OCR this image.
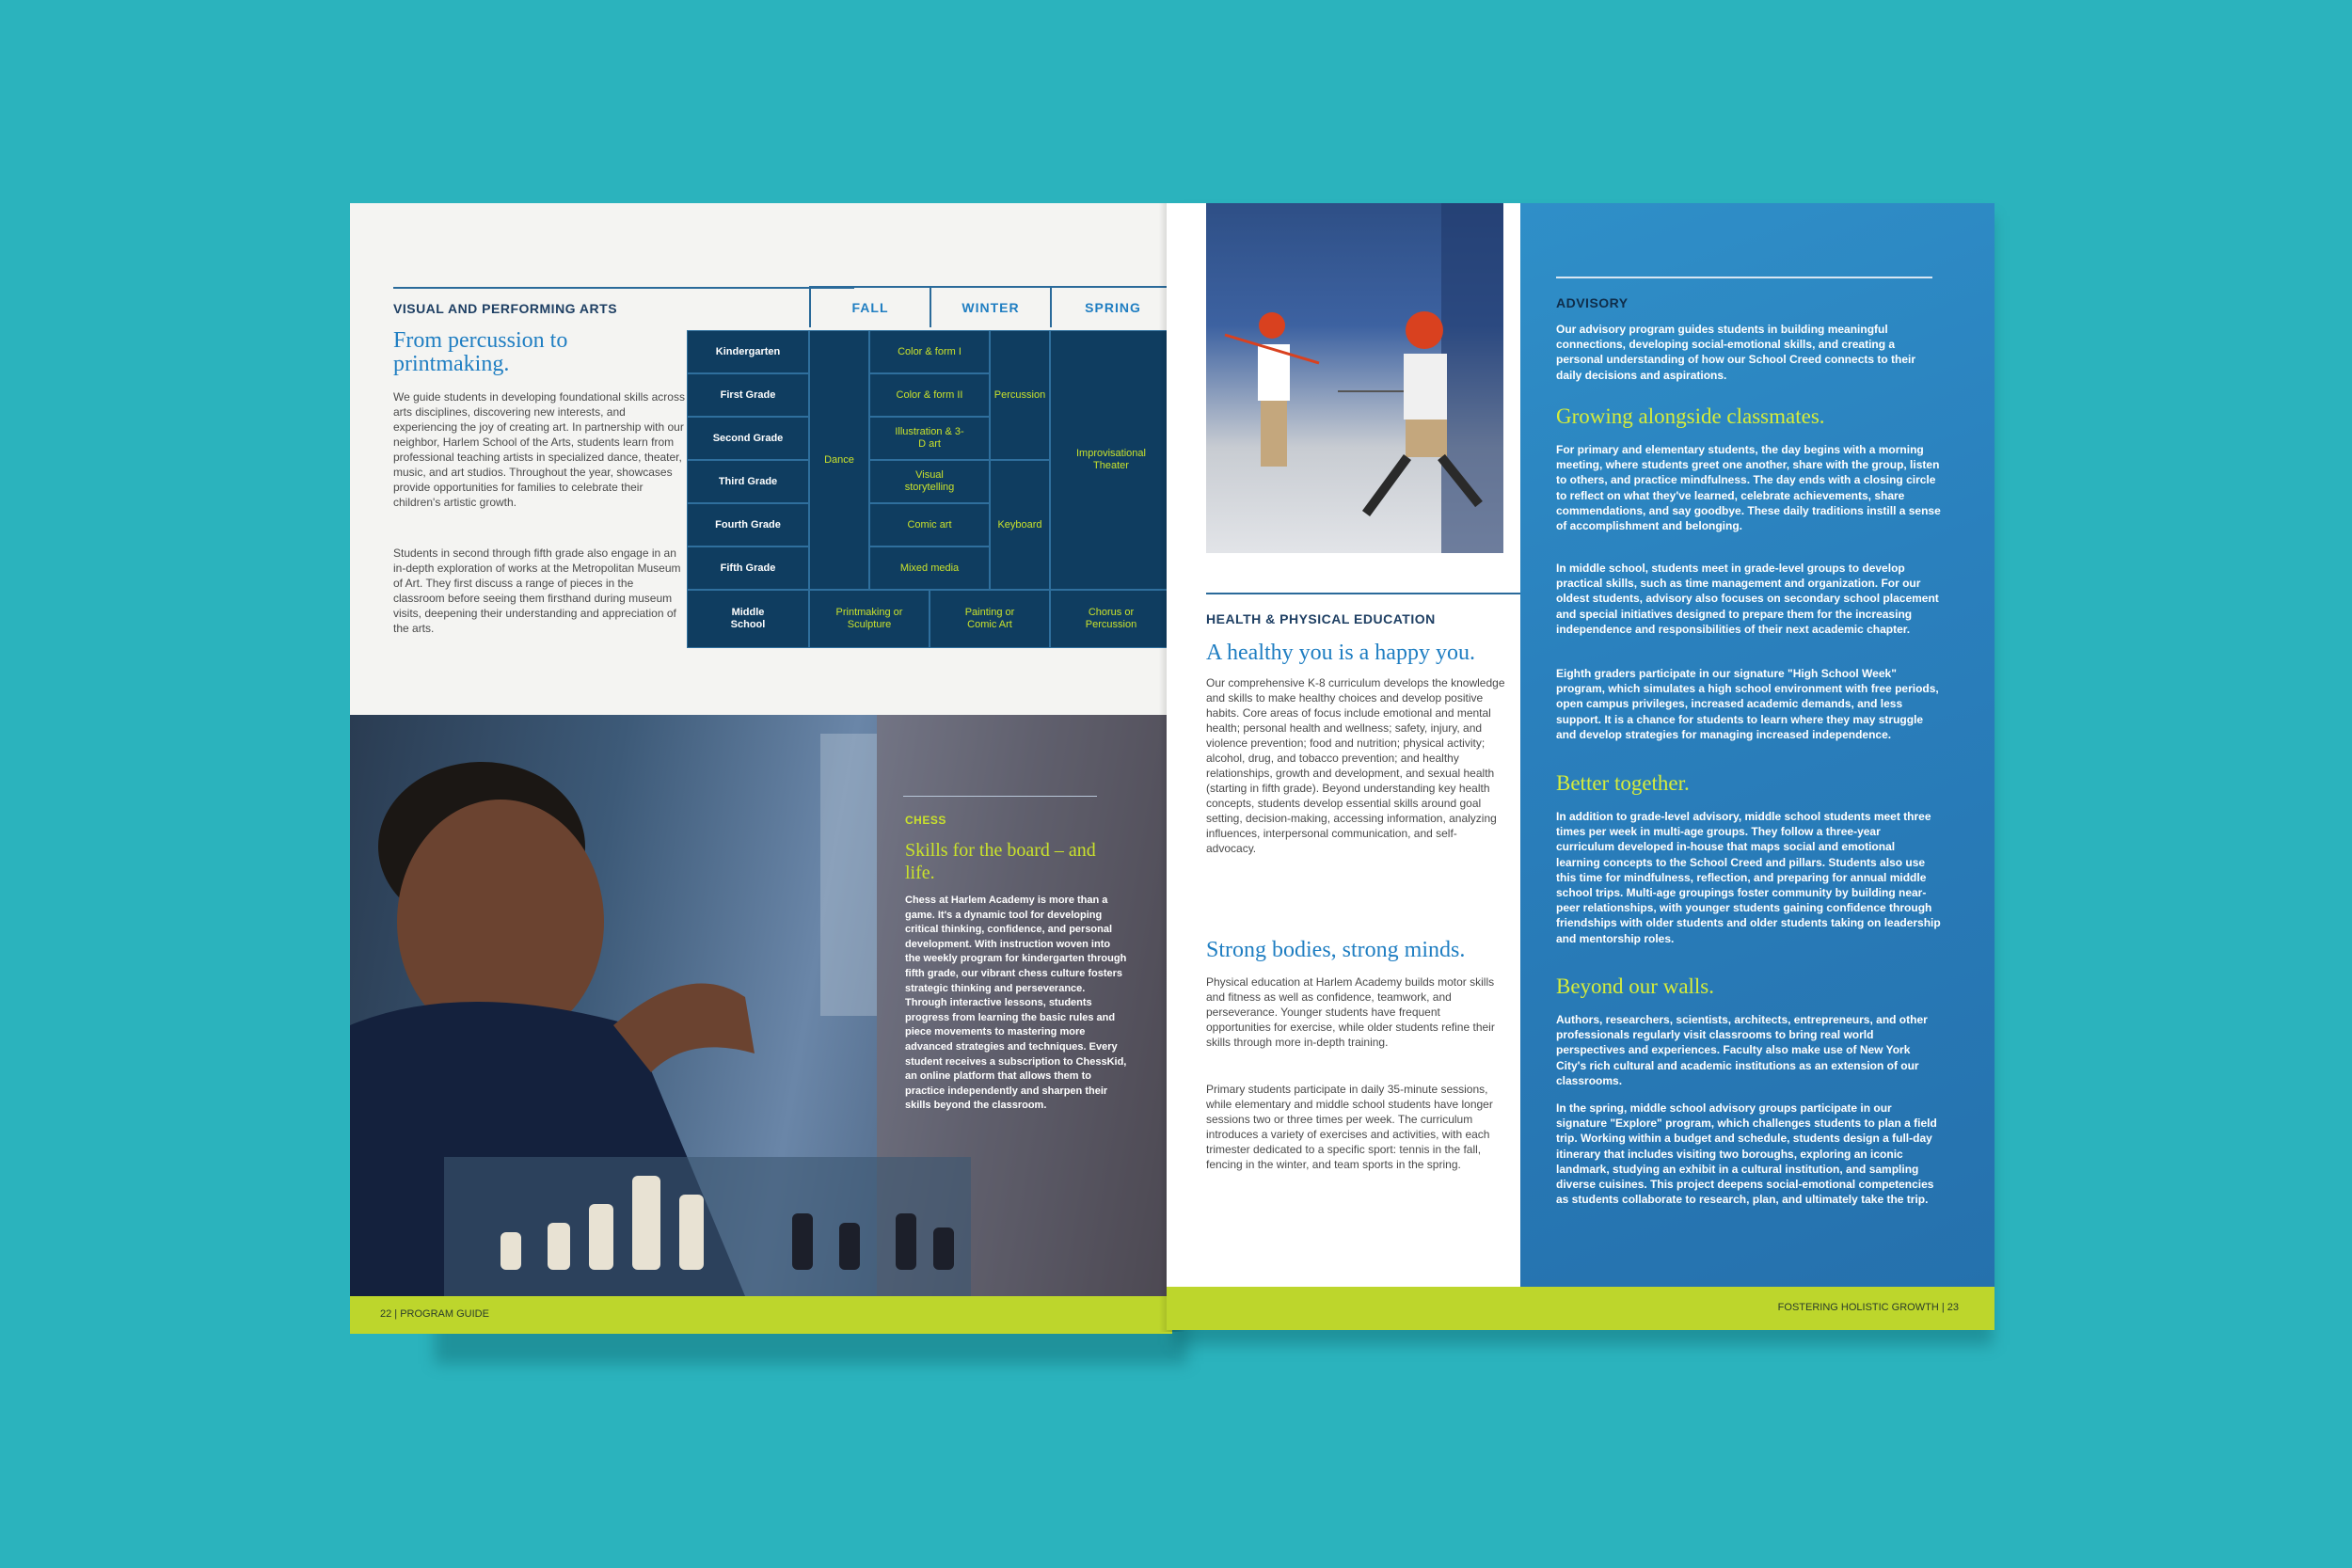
VISUAL AND PERFORMING ARTS
From percussion to printmaking.
We guide students in developing foundational skills across arts disciplines, discovering new interests, and experiencing the joy of creating art. In partnership with our neighbor, Harlem School of the Arts, students learn from professional teaching artists in specialized dance, theater, music, and art studios. Throughout the year, showcases provide opportunities for families to celebrate their children's artistic growth.
Students in second through fifth grade also engage in an in-depth exploration of works at the Metropolitan Museum of Art. They first discuss a range of pieces in the classroom before seeing them firsthand during museum visits, deepening their understanding and appreciation of the arts.
FALL	WINTER	SPRING
Kindergarten
First Grade
Second Grade
Third Grade
Fourth Grade
Fifth Grade
Middle School
Dance
Color & form I
Color & form II
Illustration & 3-D art
Visual storytelling
Comic art
Mixed media
Percussion
Keyboard
Improvisational Theater
Printmaking or Sculpture
Painting or Comic Art
Chorus or Percussion
CHESS
Skills for the board – and life.
Chess at Harlem Academy is more than a game. It's a dynamic tool for developing critical thinking, confidence, and personal development. With instruction woven into the weekly program for kindergarten through fifth grade, our vibrant chess culture fosters strategic thinking and perseverance. Through interactive lessons, students progress from learning the basic rules and piece movements to mastering more advanced strategies and techniques. Every student receives a subscription to ChessKid, an online platform that allows them to practice independently and sharpen their skills beyond the classroom.
22 | PROGRAM GUIDE
HEALTH & PHYSICAL EDUCATION
A healthy you is a happy you.
Our comprehensive K-8 curriculum develops the knowledge and skills to make healthy choices and develop positive habits. Core areas of focus include emotional and mental health; personal health and wellness; safety, injury, and violence prevention; food and nutrition; physical activity; alcohol, drug, and tobacco prevention; and healthy relationships, growth and development, and sexual health (starting in fifth grade). Beyond understanding key health concepts, students develop essential skills around goal setting, decision-making, accessing information, analyzing influences, interpersonal communication, and self-advocacy.
Strong bodies, strong minds.
Physical education at Harlem Academy builds motor skills and fitness as well as confidence, teamwork, and perseverance. Younger students have frequent opportunities for exercise, while older students refine their skills through more in-depth training.
Primary students participate in daily 35-minute sessions, while elementary and middle school students have longer sessions two or three times per week. The curriculum introduces a variety of exercises and activities, with each trimester dedicated to a specific sport: tennis in the fall, fencing in the winter, and team sports in the spring.
ADVISORY
Our advisory program guides students in building meaningful connections, developing social-emotional skills, and creating a personal understanding of how our School Creed connects to their daily decisions and aspirations.
Growing alongside classmates.
For primary and elementary students, the day begins with a morning meeting, where students greet one another, share with the group, listen to others, and practice mindfulness. The day ends with a closing circle to reflect on what they've learned, celebrate achievements, share commendations, and say goodbye. These daily traditions instill a sense of accomplishment and belonging.
In middle school, students meet in grade-level groups to develop practical skills, such as time management and organization. For our oldest students, advisory also focuses on secondary school placement and special initiatives designed to prepare them for the increasing independence and responsibilities of their next academic chapter.
Eighth graders participate in our signature "High School Week" program, which simulates a high school environment with free periods, open campus privileges, increased academic demands, and less support. It is a chance for students to learn where they may struggle and develop strategies for managing increased independence.
Better together.
In addition to grade-level advisory, middle school students meet three times per week in multi-age groups. They follow a three-year curriculum developed in-house that maps social and emotional learning concepts to the School Creed and pillars. Students also use this time for mindfulness, reflection, and preparing for annual middle school trips. Multi-age groupings foster community by building near-peer relationships, with younger students gaining confidence through friendships with older students and older students taking on leadership and mentorship roles.
Beyond our walls.
Authors, researchers, scientists, architects, entrepreneurs, and other professionals regularly visit classrooms to bring real world perspectives and experiences. Faculty also make use of New York City's rich cultural and academic institutions as an extension of our classrooms.
In the spring, middle school advisory groups participate in our signature "Explore" program, which challenges students to plan a field trip. Working within a budget and schedule, students design a full-day itinerary that includes visiting two boroughs, exploring an iconic landmark, studying an exhibit in a cultural institution, and sampling diverse cuisines. This project deepens social-emotional competencies as students collaborate to research, plan, and ultimately take the trip.
FOSTERING HOLISTIC GROWTH | 23
